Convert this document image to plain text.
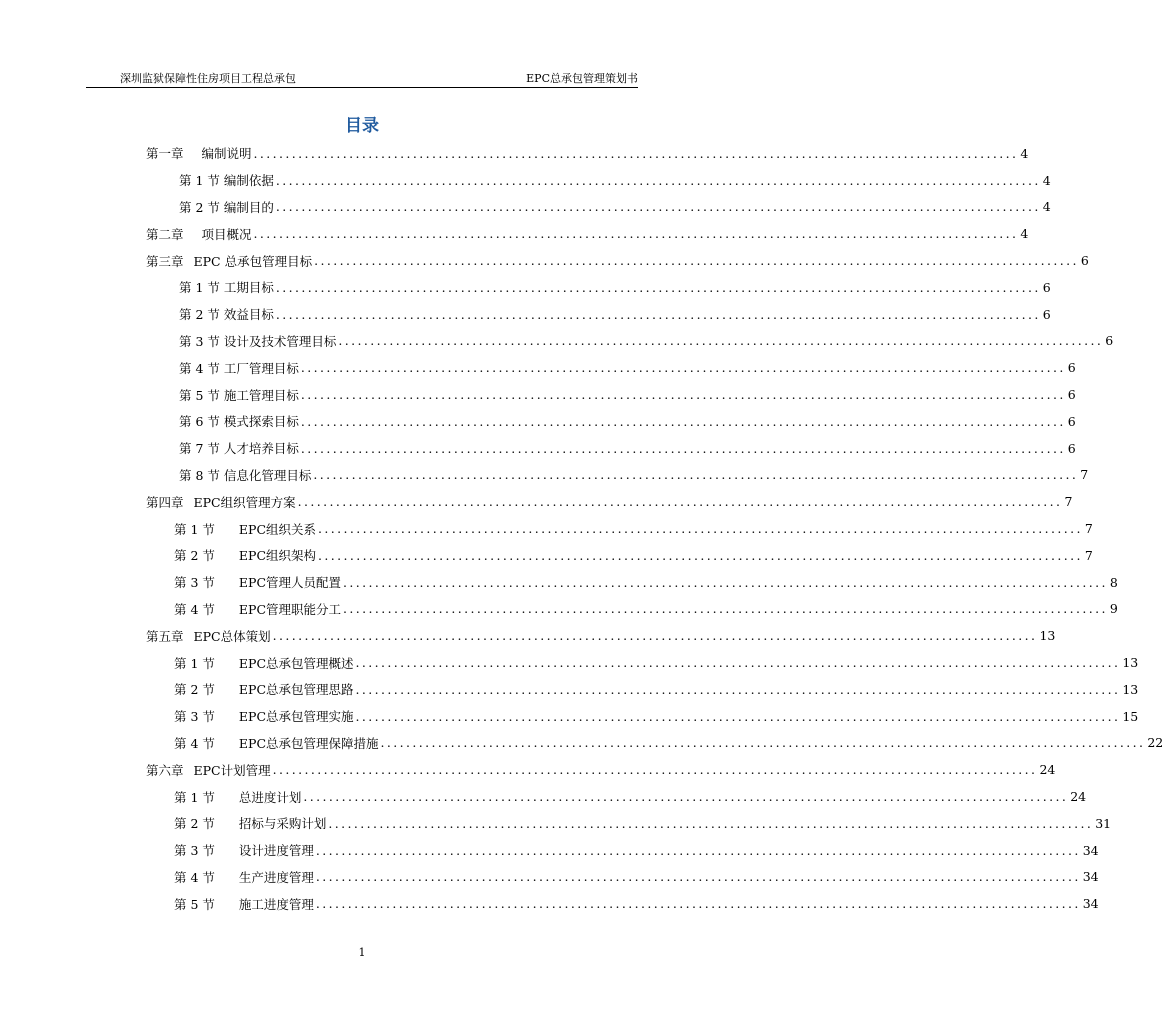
深圳监狱保障性住房项目工程总承包	EPC总承包管理策划书
目录
第一章 编制说明 ........................................................................................................................ 4
第 1 节 编制依据 ........................................................................................................................ 4
第 2 节 编制目的 ........................................................................................................................ 4
第二章 项目概况 ........................................................................................................................ 4
第三章 EPC 总承包管理目标 ........................................................................................................................ 6
第 1 节 工期目标 ........................................................................................................................ 6
第 2 节 效益目标 ........................................................................................................................ 6
第 3 节 设计及技术管理目标 ........................................................................................................................ 6
第 4 节 工厂管理目标 ........................................................................................................................ 6
第 5 节 施工管理目标 ........................................................................................................................ 6
第 6 节 模式探索目标 ........................................................................................................................ 6
第 7 节 人才培养目标 ........................................................................................................................ 6
第 8 节 信息化管理目标 ........................................................................................................................ 7
第四章 EPC组织管理方案 ........................................................................................................................ 7
第 1 节 EPC组织关系 ........................................................................................................................ 7
第 2 节 EPC组织架构 ........................................................................................................................ 7
第 3 节 EPC管理人员配置 ........................................................................................................................ 8
第 4 节 EPC管理职能分工 ........................................................................................................................ 9
第五章 EPC总体策划 ........................................................................................................................ 13
第 1 节 EPC总承包管理概述 ........................................................................................................................ 13
第 2 节 EPC总承包管理思路 ........................................................................................................................ 13
第 3 节 EPC总承包管理实施 ........................................................................................................................ 15
第 4 节 EPC总承包管理保障措施 ........................................................................................................................ 22
第六章 EPC计划管理 ........................................................................................................................ 24
第 1 节 总进度计划 ........................................................................................................................ 24
第 2 节 招标与采购计划 ........................................................................................................................ 31
第 3 节 设计进度管理 ........................................................................................................................ 34
第 4 节 生产进度管理 ........................................................................................................................ 34
第 5 节 施工进度管理 ........................................................................................................................ 34
1
